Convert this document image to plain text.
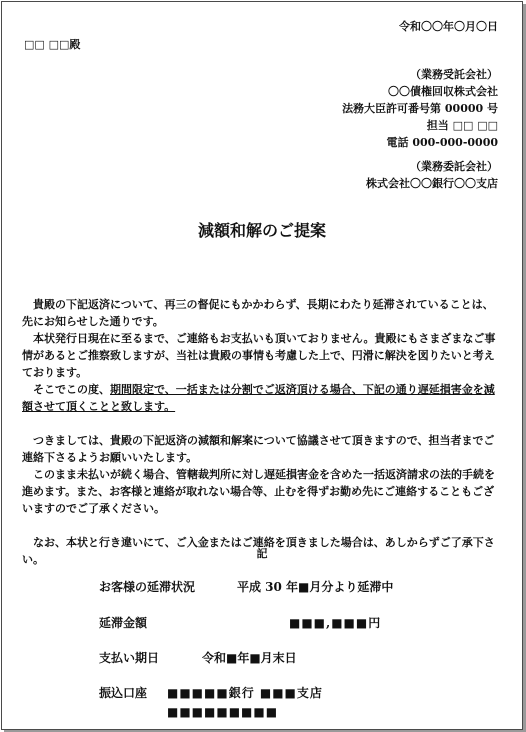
令和〇〇年〇月〇日
□□ □□殿
（業務受託会社）
〇〇債権回収株式会社
法務大臣許可番号第 00000 号
担当 □□ □□
電話 000-000-0000
（業務委託会社）
株式会社〇〇銀行〇〇支店
減額和解のご提案

　貴殿の下記返済について、再三の督促にもかかわらず、長期にわたり延滞されていることは、先にお知らせした通りです。

　本状発行日現在に至るまで、ご連絡もお支払いも頂いておりません。貴殿にもさまざまなご事情があるとご推察致しますが、当社は貴殿の事情も考慮した上で、円滑に解決を図りたいと考えております。

　そこでこの度、期間限定で、一括または分割でご返済頂ける場合、下記の通り遅延損害金を減額させて頂くことと致します。

　つきましては、貴殿の下記返済の減額和解案について協議させて頂きますので、担当者までご連絡下さるようお願いいたします。

　このまま未払いが続く場合、管轄裁判所に対し遅延損害金を含めた一括返済請求の法的手続を進めます。また、お客様と連絡が取れない場合等、止むを得ずお勤め先にご連絡することもございますのでご了承ください。

　なお、本状と行き違いにて、ご入金またはご連絡を頂きました場合は、あしからずご了承下さい。	記
お客様の延滞状況	平成 30 年■月分より延滞中
延滞金額	■■■,■■■円
支払い期日	令和■年■月末日
振込口座 ■■■■■銀行 ■■■支店
■■■■■■■■■
